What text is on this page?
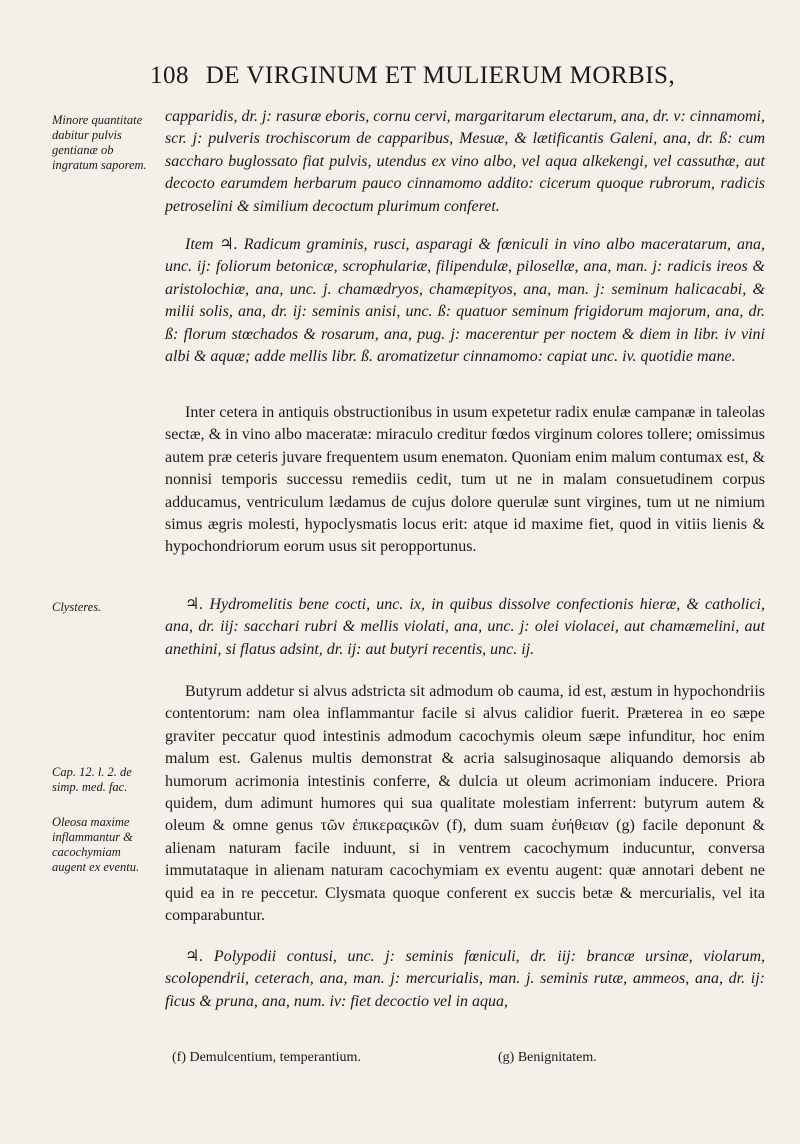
108 DE VIRGINUM ET MULIERUM MORBIS,
Minore quantitate dabitur pulvis gentianæ ob ingratum saporem.
Clysteres.
Cap. 12. l. 2. de simp. med. fac.
Oleosa maxime inflammantur & cacochymiam augent ex eventu.
capparidis, dr. j: rasuræ eboris, cornu cervi, margaritarum electarum, ana, dr. v: cinnamomi, scr. j: pulveris trochiscorum de capparibus, Mesuæ, & lætificantis Galeni, ana, dr. ß: cum saccharo buglossato fiat pulvis, utendus ex vino albo, vel aqua alkekengi, vel cassuthæ, aut decocto earumdem herbarum pauco cinnamomo addito: cicerum quoque rubrorum, radicis petroselini & similium decoctum plurimum conferet.
Item ♃. Radicum graminis, rusci, asparagi & fœniculi in vino albo maceratarum, ana, unc. ij: foliorum betonicæ, scrophulariæ, filipendulæ, pilosellæ, ana, man. j: radicis ireos & aristolochiæ, ana, unc. j. chamædryos, chamæpityos, ana, man. j: seminum halicacabi, & milii solis, ana, dr. ij: seminis anisi, unc. ß: quatuor seminum frigidorum majorum, ana, dr. ß: florum stœchados & rosarum, ana, pug. j: macerentur per noctem & diem in libr. iv vini albi & aquæ; adde mellis libr. ß. aromatizetur cinnamomo: capiat unc. iv. quotidie mane.
Inter cetera in antiquis obstructionibus in usum expetetur radix enulæ campanæ in taleolas sectæ, & in vino albo maceratæ: miraculo creditur fœdos virginum colores tollere; omissimus autem præ ceteris juvare frequentem usum enematon. Quoniam enim malum contumax est, & nonnisi temporis successu remediis cedit, tum ut ne in malam consuetudinem corpus adducamus, ventriculum lædamus de cujus dolore querulæ sunt virgines, tum ut ne nimium simus ægris molesti, hypoclysmatis locus erit: atque id maxime fiet, quod in vitiis lienis & hypochondriorum eorum usus sit peropportunus.
♃. Hydromelitis bene cocti, unc. ix, in quibus dissolve confectionis hieræ, & catholici, ana, dr. iij: sacchari rubri & mellis violati, ana, unc. j: olei violacei, aut chamæmelini, aut anethini, si flatus adsint, dr. ij: aut butyri recentis, unc. ij.
Butyrum addetur si alvus adstricta sit admodum ob cauma, id est, æstum in hypochondriis contentorum: nam olea inflammantur facile si alvus calidior fuerit. Præterea in eo sæpe graviter peccatur quod intestinis admodum cacochymis oleum sæpe infunditur, hoc enim malum est. Galenus multis demonstrat & acria salsuginosaque aliquando demorsis ab humorum acrimonia intestinis conferre, & dulcia ut oleum acrimoniam inducere. Priora quidem, dum adimunt humores qui sua qualitate molestiam inferrent: butyrum autem & oleum & omne genus τῶν ἐπικεραςικῶν (f), dum suam ἐυήθειαν (g) facile deponunt & alienam naturam facile induunt, si in ventrem cacochymum inducuntur, conversa immutataque in alienam naturam cacochymiam ex eventu augent: quæ annotari debent ne quid ea in re peccetur. Clysmata quoque conferent ex succis betæ & mercurialis, vel ita comparabuntur.
♃. Polypodii contusi, unc. j: seminis fœniculi, dr. iij: brancæ ursinæ, violarum, scolopendrii, ceterach, ana, man. j: mercurialis, man. j. seminis rutæ, ammeos, ana, dr. ij: ficus & pruna, ana, num. iv: fiet decoctio vel in aqua,
(f) Demulcentium, temperantium.	(g) Benignitatem.
